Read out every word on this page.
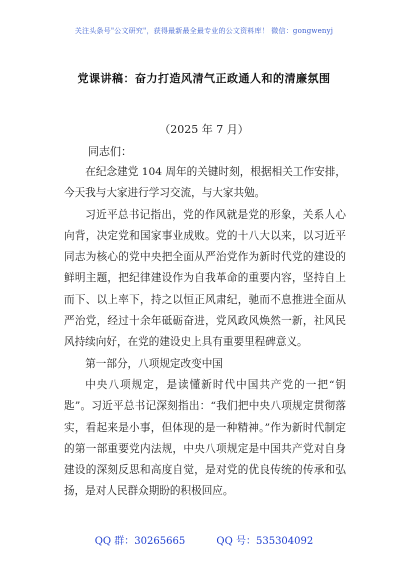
关注头条号"公文研究"，获得最新最全最专业的公文资料库！ 微信：gongwenyj
党课讲稿：奋力打造风清气正政通人和的清廉氛围
（2025 年 7 月）
同志们：

在纪念建党 104 周年的关键时刻，根据相关工作安排，今天我与大家进行学习交流，与大家共勉。

习近平总书记指出，党的作风就是党的形象，关系人心向背，决定党和国家事业成败。党的十八大以来，以习近平同志为核心的党中央把全面从严治党作为新时代党的建设的鲜明主题，把纪律建设作为自我革命的重要内容，坚持自上而下、以上率下，持之以恒正风肃纪，驰而不息推进全面从严治党，经过十余年砥砺奋进，党风政风焕然一新，社风民风持续向好，在党的建设史上具有重要里程碑意义。

第一部分，八项规定改变中国

中央八项规定，是读懂新时代中国共产党的一把“钥匙”。习近平总书记深刻指出：“我们把中央八项规定贯彻落实，看起来是小事，但体现的是一种精神。”作为新时代制定的第一部重要党内法规，中央八项规定是中国共产党对自身建设的深刻反思和高度自觉，是对党的优良传统的传承和弘扬，是对人民群众期盼的积极回应。

QQ 群：30265665	QQ 号：535304092
